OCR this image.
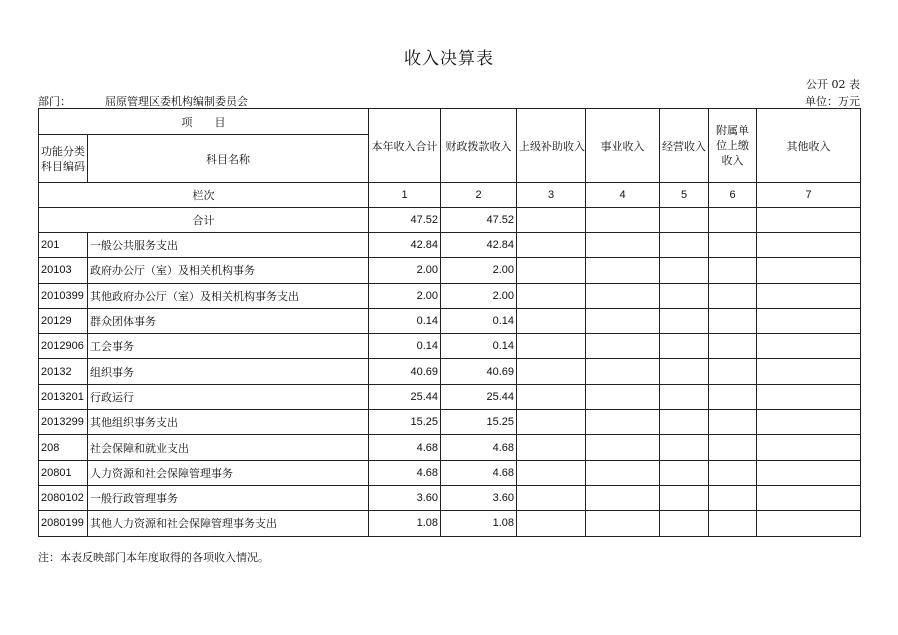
收入决算表
公开 02 表
部门：	屈原管理区委机构编制委员会	单位：万元
项　　目		本年收入合计	财政拨款收入	上级补助收入	事业收入	经营收入	附属单位上缴收入	其他收入
功能分类科目编码	科目名称							
栏次		1	2	3	4	5	6	7
合计		47.52	47.52					
201	一般公共服务支出	42.84	42.84					
20103	政府办公厅（室）及相关机构事务	2.00	2.00					
2010399	其他政府办公厅（室）及相关机构事务支出	2.00	2.00					
20129	群众团体事务	0.14	0.14					
2012906	工会事务	0.14	0.14					
20132	组织事务	40.69	40.69					
2013201	行政运行	25.44	25.44					
2013299	其他组织事务支出	15.25	15.25					
208	社会保障和就业支出	4.68	4.68					
20801	人力资源和社会保障管理事务	4.68	4.68					
2080102	一般行政管理事务	3.60	3.60					
2080199	其他人力资源和社会保障管理事务支出	1.08	1.08					
注：本表反映部门本年度取得的各项收入情况。
